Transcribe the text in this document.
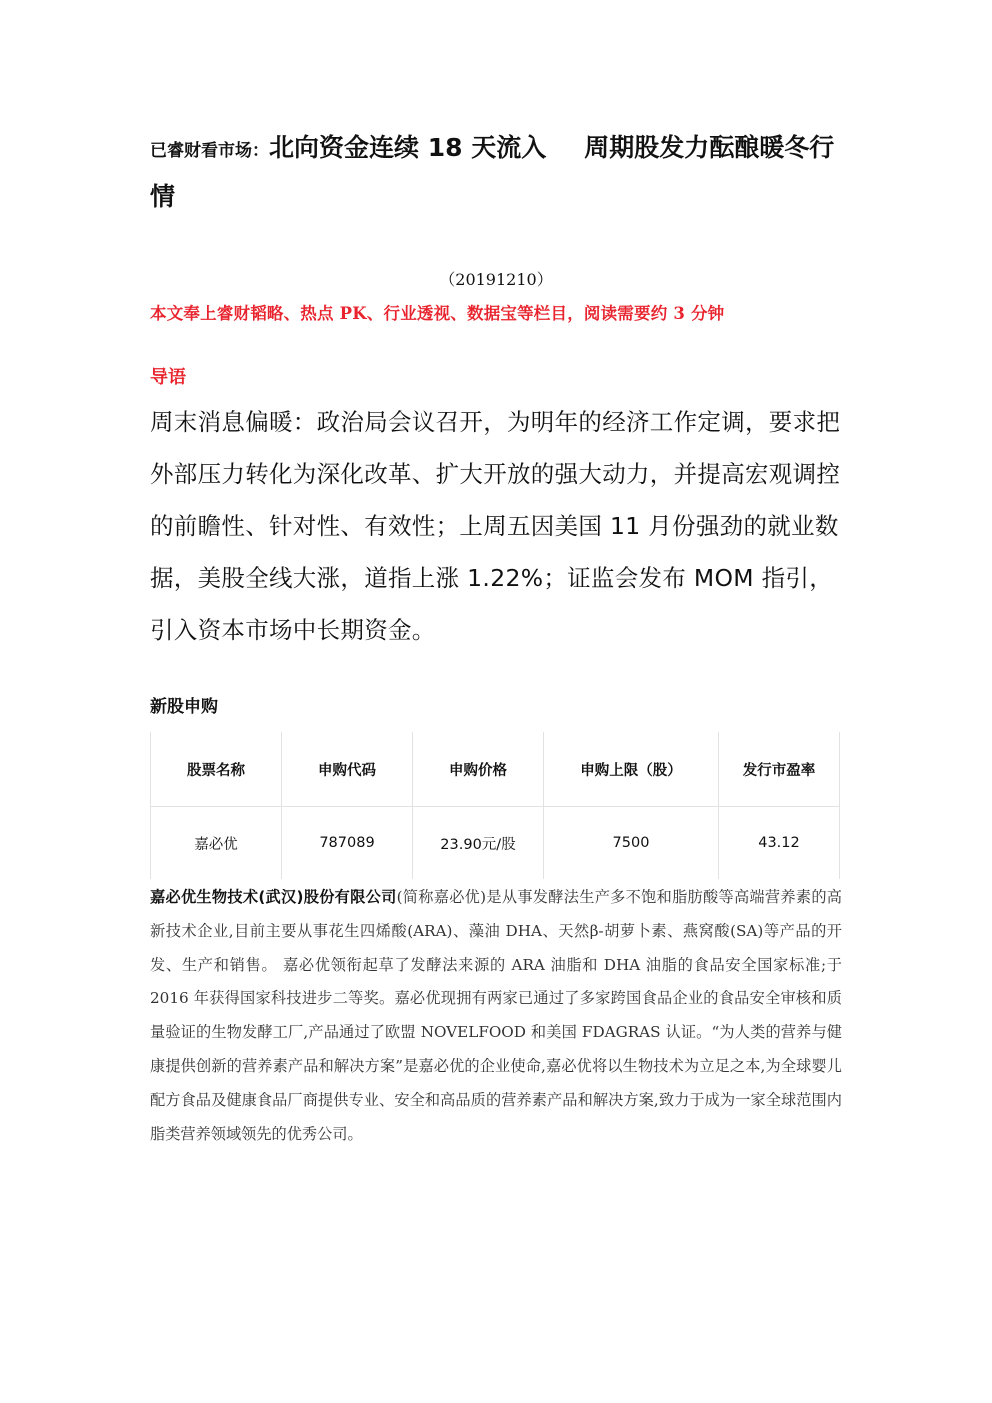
已睿财看市场：北向资金连续 18 天流入 周期股发力酝酿暖冬行情
（20191210）
本文奉上睿财韬略、热点 PK、行业透视、数据宝等栏目，阅读需要约 3 分钟
导语
周末消息偏暖：政治局会议召开，为明年的经济工作定调，要求把外部压力转化为深化改革、扩大开放的强大动力，并提高宏观调控的前瞻性、针对性、有效性；上周五因美国 11 月份强劲的就业数据，美股全线大涨，道指上涨 1.22%；证监会发布 MOM 指引，引入资本市场中长期资金。
新股申购
股票名称	申购代码	申购价格	申购上限（股）	发行市盈率
嘉必优	787089	23.90元/股	7500	43.12
嘉必优生物技术(武汉)股份有限公司(简称嘉必优)是从事发酵法生产多不饱和脂肪酸等高端营养素的高新技术企业,目前主要从事花生四烯酸(ARA)、藻油 DHA、天然β-胡萝卜素、燕窝酸(SA)等产品的开发、生产和销售。 嘉必优领衔起草了发酵法来源的 ARA 油脂和 DHA 油脂的食品安全国家标准;于 2016 年获得国家科技进步二等奖。嘉必优现拥有两家已通过了多家跨国食品企业的食品安全审核和质量验证的生物发酵工厂,产品通过了欧盟 NOVELFOOD 和美国 FDAGRAS 认证。“为人类的营养与健康提供创新的营养素产品和解决方案”是嘉必优的企业使命,嘉必优将以生物技术为立足之本,为全球婴儿配方食品及健康食品厂商提供专业、安全和高品质的营养素产品和解决方案,致力于成为一家全球范围内脂类营养领域领先的优秀公司。
